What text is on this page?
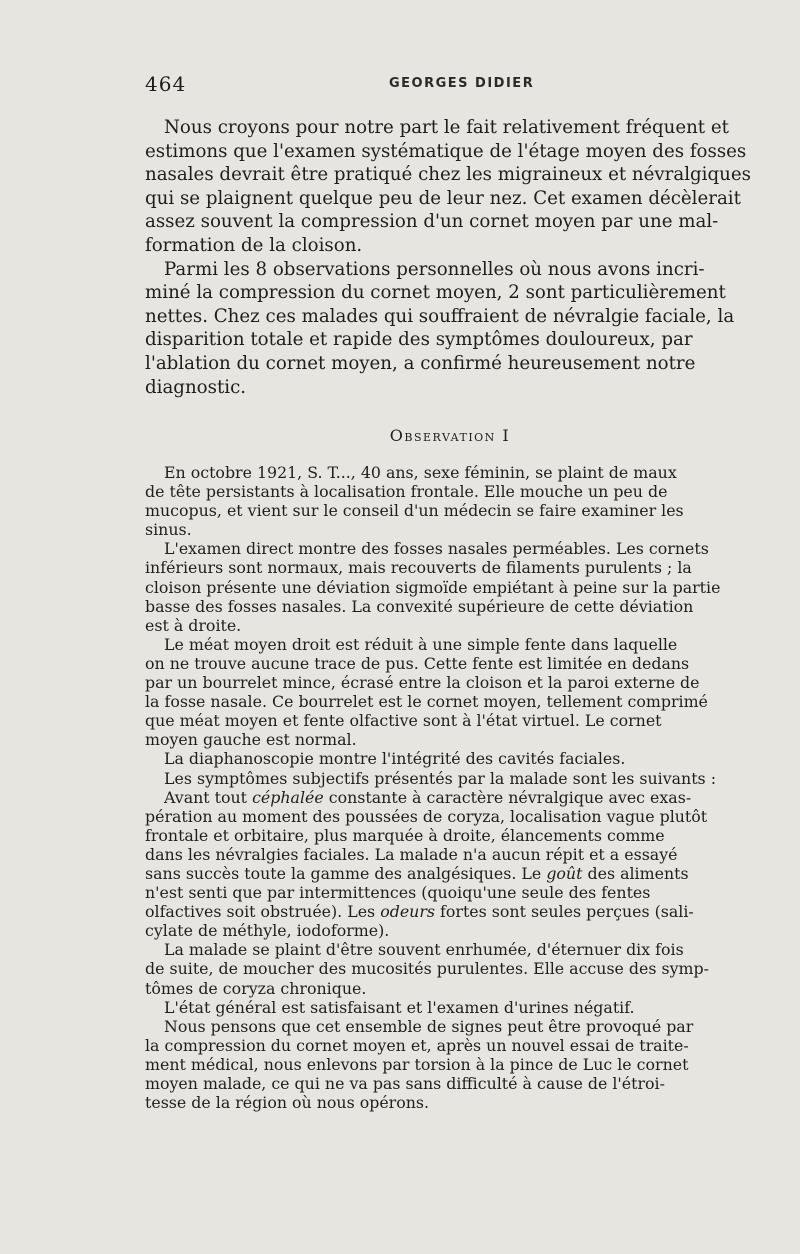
464	GEORGES DIDIER
Nous croyons pour notre part le fait relativement fréquent et
estimons que l'examen systématique de l'étage moyen des fosses
nasales devrait être pratiqué chez les migraineux et névralgiques
qui se plaignent quelque peu de leur nez. Cet examen décèlerait
assez souvent la compression d'un cornet moyen par une mal-
formation de la cloison.
Parmi les 8 observations personnelles où nous avons incri-
miné la compression du cornet moyen, 2 sont particulièrement
nettes. Chez ces malades qui souffraient de névralgie faciale, la
disparition totale et rapide des symptômes douloureux, par
l'ablation du cornet moyen, a confirmé heureusement notre
diagnostic.
Observation I
En octobre 1921, S. T..., 40 ans, sexe féminin, se plaint de maux
de tête persistants à localisation frontale. Elle mouche un peu de
mucopus, et vient sur le conseil d'un médecin se faire examiner les
sinus.
L'examen direct montre des fosses nasales perméables. Les cornets
inférieurs sont normaux, mais recouverts de filaments purulents ; la
cloison présente une déviation sigmoïde empiétant à peine sur la partie
basse des fosses nasales. La convexité supérieure de cette déviation
est à droite.
Le méat moyen droit est réduit à une simple fente dans laquelle
on ne trouve aucune trace de pus. Cette fente est limitée en dedans
par un bourrelet mince, écrasé entre la cloison et la paroi externe de
la fosse nasale. Ce bourrelet est le cornet moyen, tellement comprimé
que méat moyen et fente olfactive sont à l'état virtuel. Le cornet
moyen gauche est normal.
La diaphanoscopie montre l'intégrité des cavités faciales.
Les symptômes subjectifs présentés par la malade sont les suivants :
Avant tout céphalée constante à caractère névralgique avec exas-
pération au moment des poussées de coryza, localisation vague plutôt
frontale et orbitaire, plus marquée à droite, élancements comme
dans les névralgies faciales. La malade n'a aucun répit et a essayé
sans succès toute la gamme des analgésiques. Le goût des aliments
n'est senti que par intermittences (quoiqu'une seule des fentes
olfactives soit obstruée). Les odeurs fortes sont seules perçues (sali-
cylate de méthyle, iodoforme).
La malade se plaint d'être souvent enrhumée, d'éternuer dix fois
de suite, de moucher des mucosités purulentes. Elle accuse des symp-
tômes de coryza chronique.
L'état général est satisfaisant et l'examen d'urines négatif.
Nous pensons que cet ensemble de signes peut être provoqué par
la compression du cornet moyen et, après un nouvel essai de traite-
ment médical, nous enlevons par torsion à la pince de Luc le cornet
moyen malade, ce qui ne va pas sans difficulté à cause de l'étroi-
tesse de la région où nous opérons.
